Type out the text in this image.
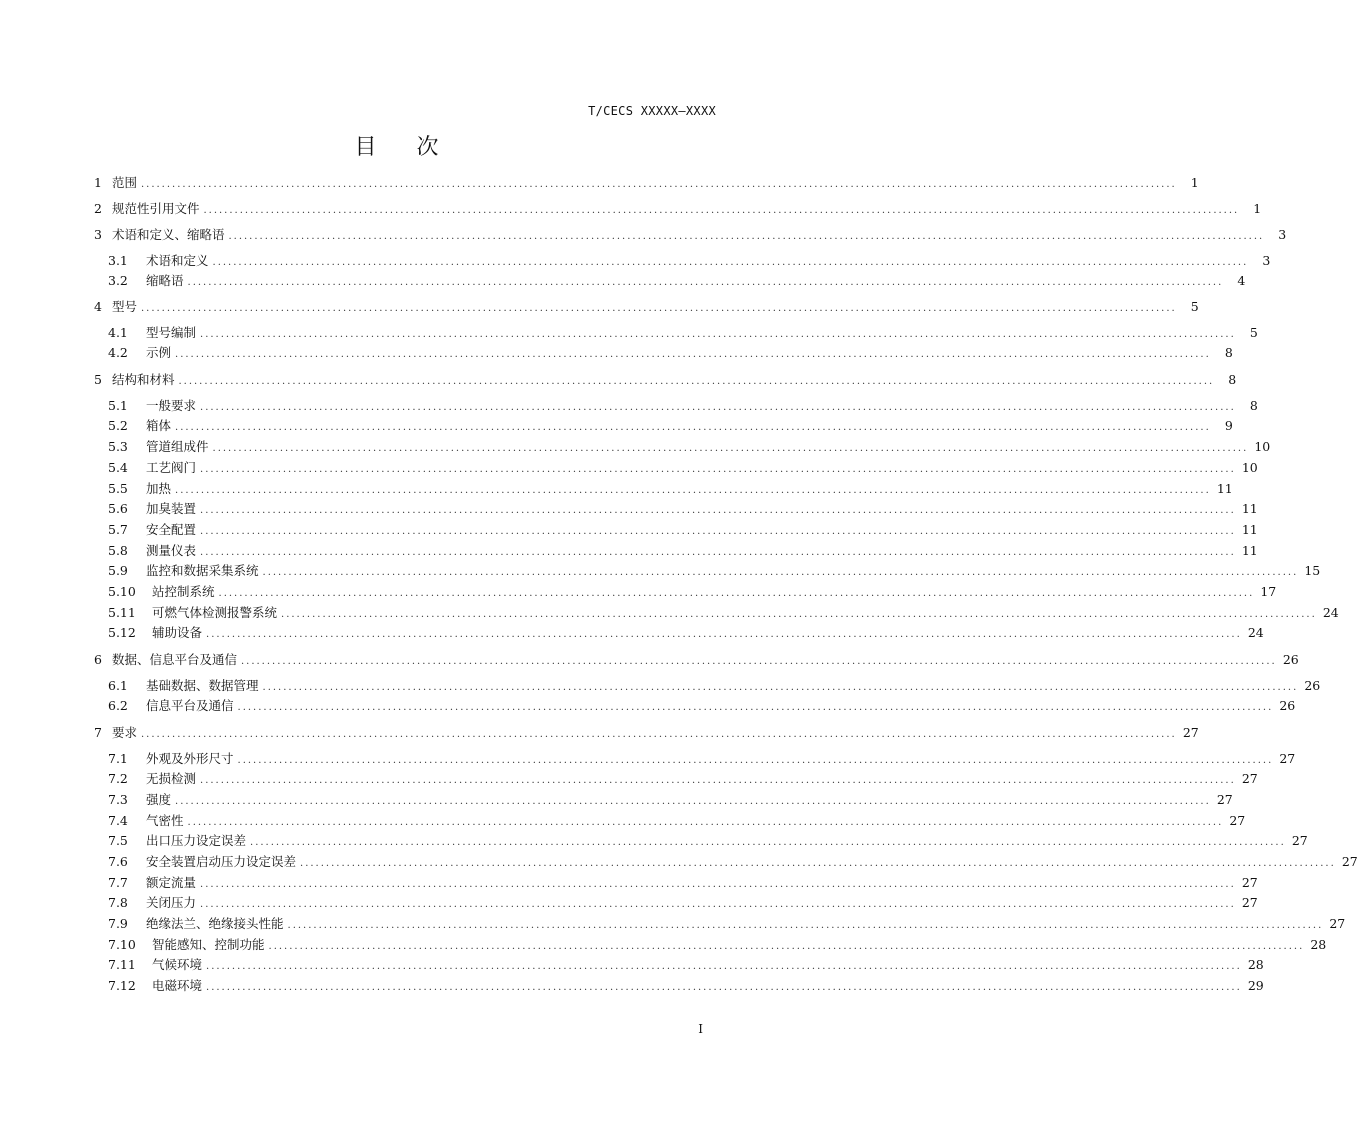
T/CECS XXXXX—XXXX
目 次
1 范围 ........................................................................................................................................................................................................	1
2 规范性引用文件 ........................................................................................................................................................................................................	1
3 术语和定义、缩略语 ........................................................................................................................................................................................................	3
3.1	术语和定义 ........................................................................................................................................................................................................	3
3.2	缩略语 ........................................................................................................................................................................................................	4
4 型号 ........................................................................................................................................................................................................	5
4.1	型号编制 ........................................................................................................................................................................................................	5
4.2	示例 ........................................................................................................................................................................................................	8
5 结构和材料 ........................................................................................................................................................................................................	8
5.1	一般要求 ........................................................................................................................................................................................................	8
5.2	箱体 ........................................................................................................................................................................................................	9
5.3	管道组成件 ........................................................................................................................................................................................................ 10
5.4	工艺阀门 ........................................................................................................................................................................................................ 10
5.5	加热 ........................................................................................................................................................................................................ 11
5.6	加臭装置 ........................................................................................................................................................................................................ 11
5.7	安全配置 ........................................................................................................................................................................................................ 11
5.8	测量仪表 ........................................................................................................................................................................................................ 11
5.9	监控和数据采集系统 ........................................................................................................................................................................................................ 15
5.10	站控制系统 ........................................................................................................................................................................................................ 17
5.11	可燃气体检测报警系统 ........................................................................................................................................................................................................ 24
5.12	辅助设备 ........................................................................................................................................................................................................ 24
6 数据、信息平台及通信 ........................................................................................................................................................................................................ 26
6.1	基础数据、数据管理 ........................................................................................................................................................................................................ 26
6.2	信息平台及通信 ........................................................................................................................................................................................................ 26
7 要求 ........................................................................................................................................................................................................ 27
7.1	外观及外形尺寸 ........................................................................................................................................................................................................ 27
7.2	无损检测 ........................................................................................................................................................................................................ 27
7.3	强度 ........................................................................................................................................................................................................ 27
7.4	气密性 ........................................................................................................................................................................................................ 27
7.5	出口压力设定误差 ........................................................................................................................................................................................................ 27
7.6	安全装置启动压力设定误差 ........................................................................................................................................................................................................ 27
7.7	额定流量 ........................................................................................................................................................................................................ 27
7.8	关闭压力 ........................................................................................................................................................................................................ 27
7.9	绝缘法兰、绝缘接头性能 ........................................................................................................................................................................................................ 27
7.10	智能感知、控制功能 ........................................................................................................................................................................................................ 28
7.11	气候环境 ........................................................................................................................................................................................................ 28
7.12	电磁环境 ........................................................................................................................................................................................................ 29
I
